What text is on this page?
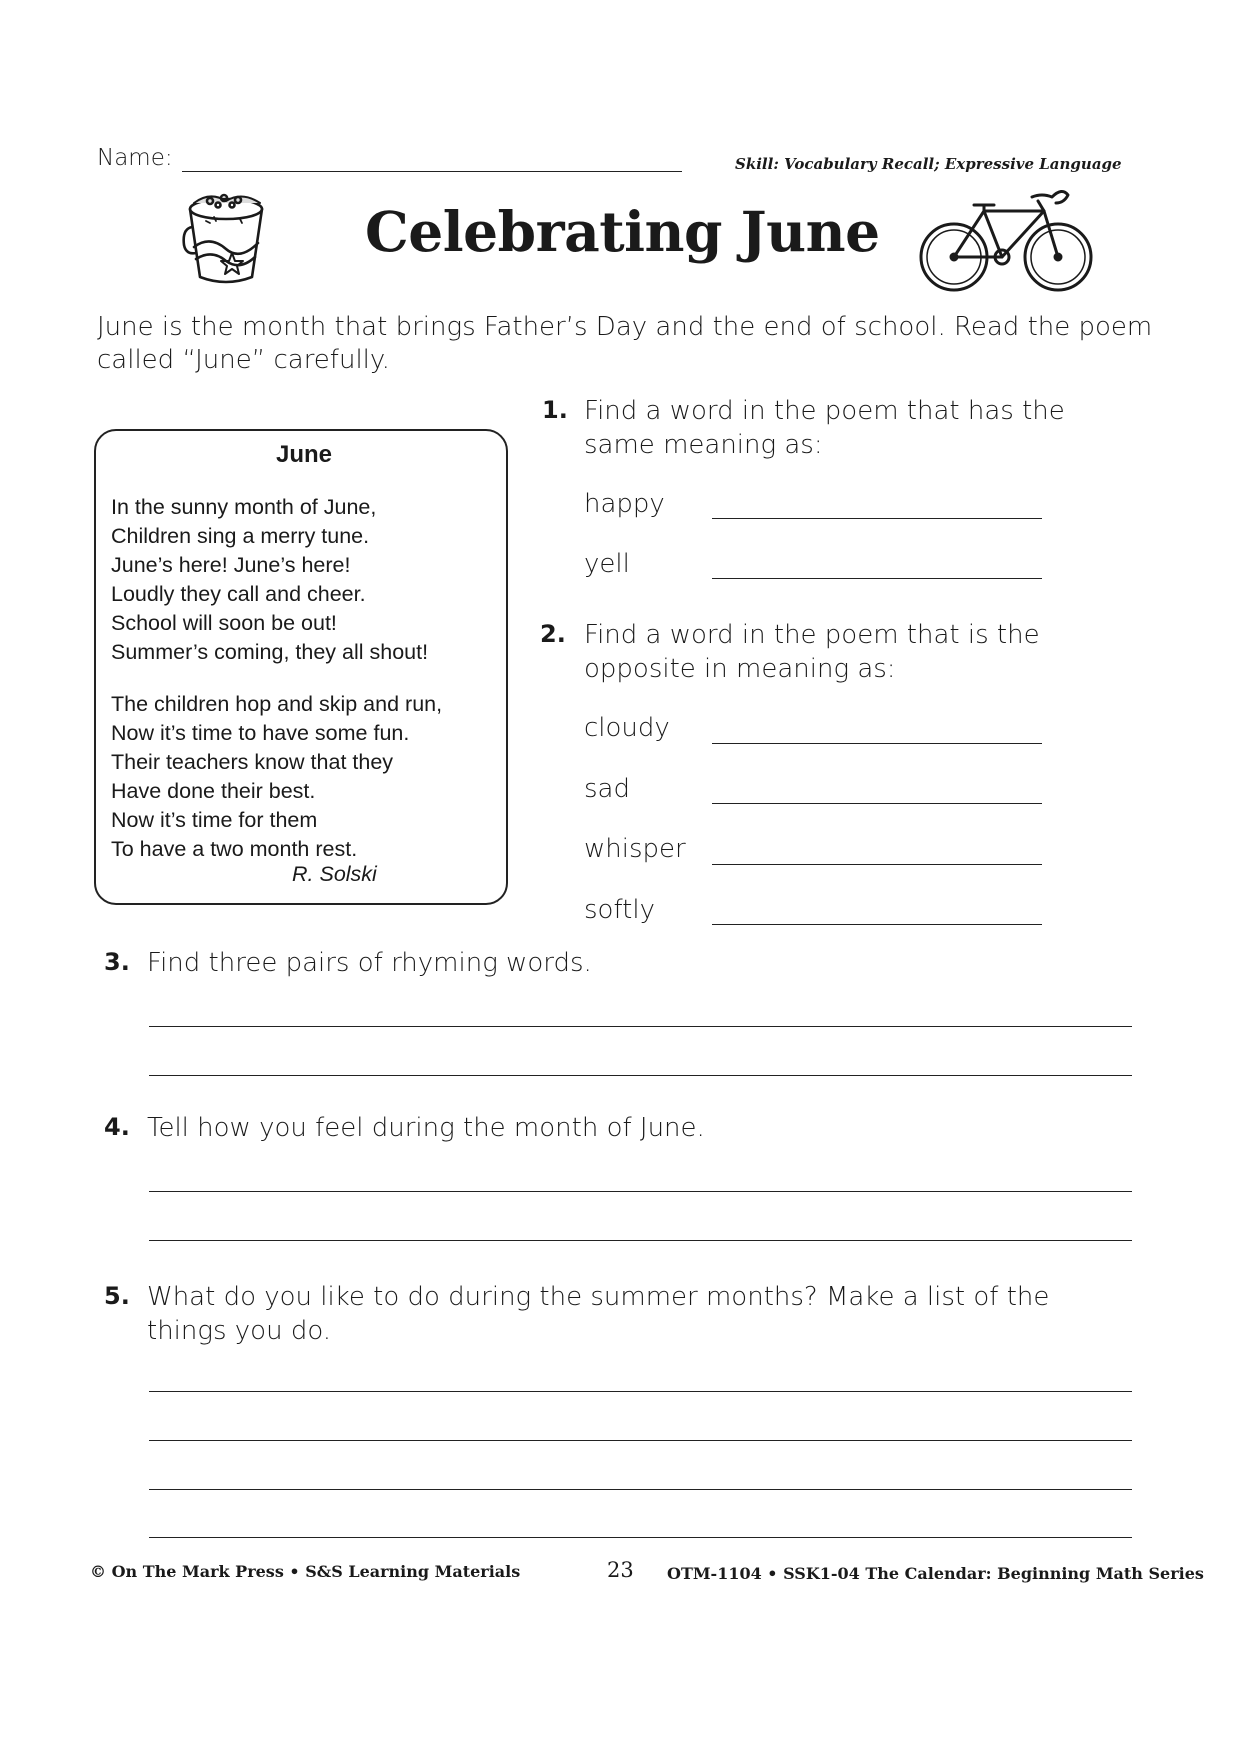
Name:	Skill: Vocabulary Recall; Expressive Language
Celebrating June
June is the month that brings Father’s Day and the end of school. Read the poem called “June” carefully.
June
In the sunny month of June,
Children sing a merry tune.
June’s here! June’s here!
Loudly they call and cheer.
School will soon be out!
Summer’s coming, they all shout!
The children hop and skip and run,
Now it’s time to have some fun.
Their teachers know that they
Have done their best.
Now it’s time for them
To have a two month rest.
R. Solski
1. Find a word in the poem that has the same meaning as:
happy
yell
2. Find a word in the poem that is the opposite in meaning as:
cloudy
sad
whisper
softly
3. Find three pairs of rhyming words.
4. Tell how you feel during the month of June.
5. What do you like to do during the summer months? Make a list of the things you do.
© On The Mark Press • S&S Learning Materials	23 OTM-1104 • SSK1-04 The Calendar: Beginning Math Series
